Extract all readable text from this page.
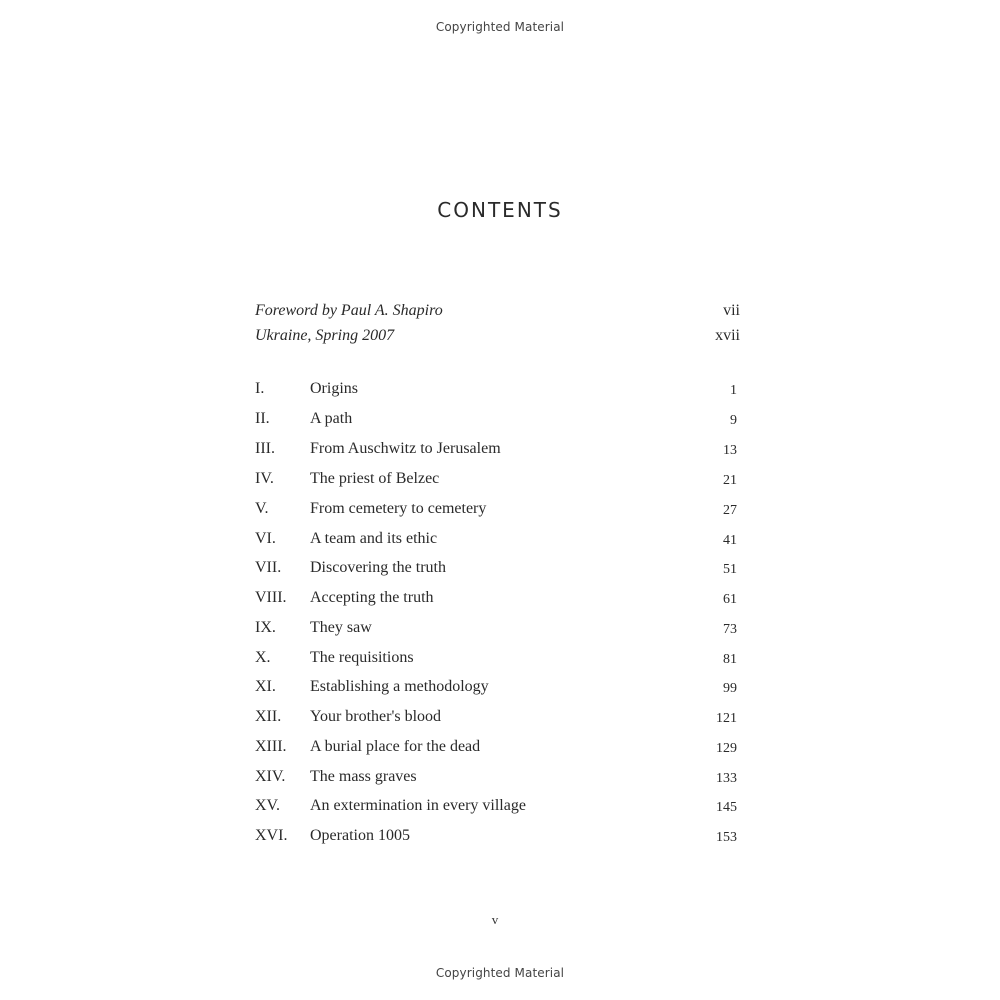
Copyrighted Material
CONTENTS
Foreword by Paul A. Shapiro	vii
Ukraine, Spring 2007	xvii
I.	Origins	1
II.	A path	9
III. From Auschwitz to Jerusalem	13
IV. The priest of Belzec	21
V.	From cemetery to cemetery	27
VI. A team and its ethic	41
VII. Discovering the truth	51
VIII. Accepting the truth	61
IX. They saw	73
X. The requisitions	81
XI. Establishing a methodology	99
XII. Your brother's blood	121
XIII. A burial place for the dead	129
XIV. The mass graves	133
XV. An extermination in every village	145
XVI. Operation 1005	153
v
Copyrighted Material
